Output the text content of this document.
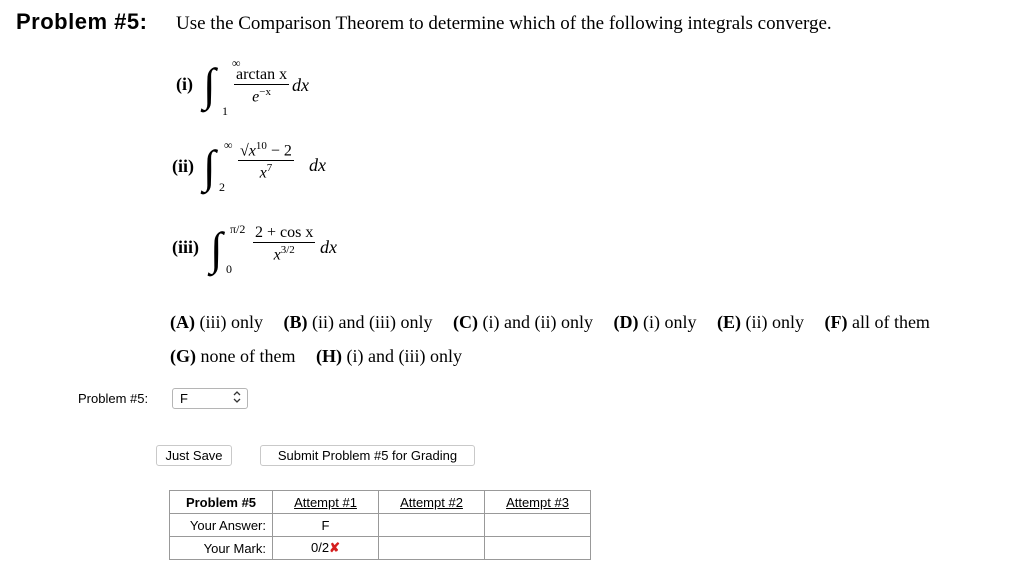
Problem #5: Use the Comparison Theorem to determine which of the following integrals converge.
(i) ∫ ∞
1
$\frac{\text{arctan x}}{e^{-x}}$ dx
(ii) ∫ ∞
2
$\frac{√x^{10} - 2}{x^7}$ dx
(iii) ∫ π/2
0
$\frac{\text{2 + cos x}}{x^{3/2}}$ dx
(A) (iii) only (B) (ii) and (iii) only (C) (i) and (ii) only (D) (i) only (E) (ii) only (F) all of them
(G) none of them (H) (i) and (iii) only
Problem #5:	F
Just Save	Submit Problem #5 for Grading
Problem #5	Attempt #1	Attempt #2	Attempt #3
Your Answer:	F		
Your Mark:	0/2✘		
